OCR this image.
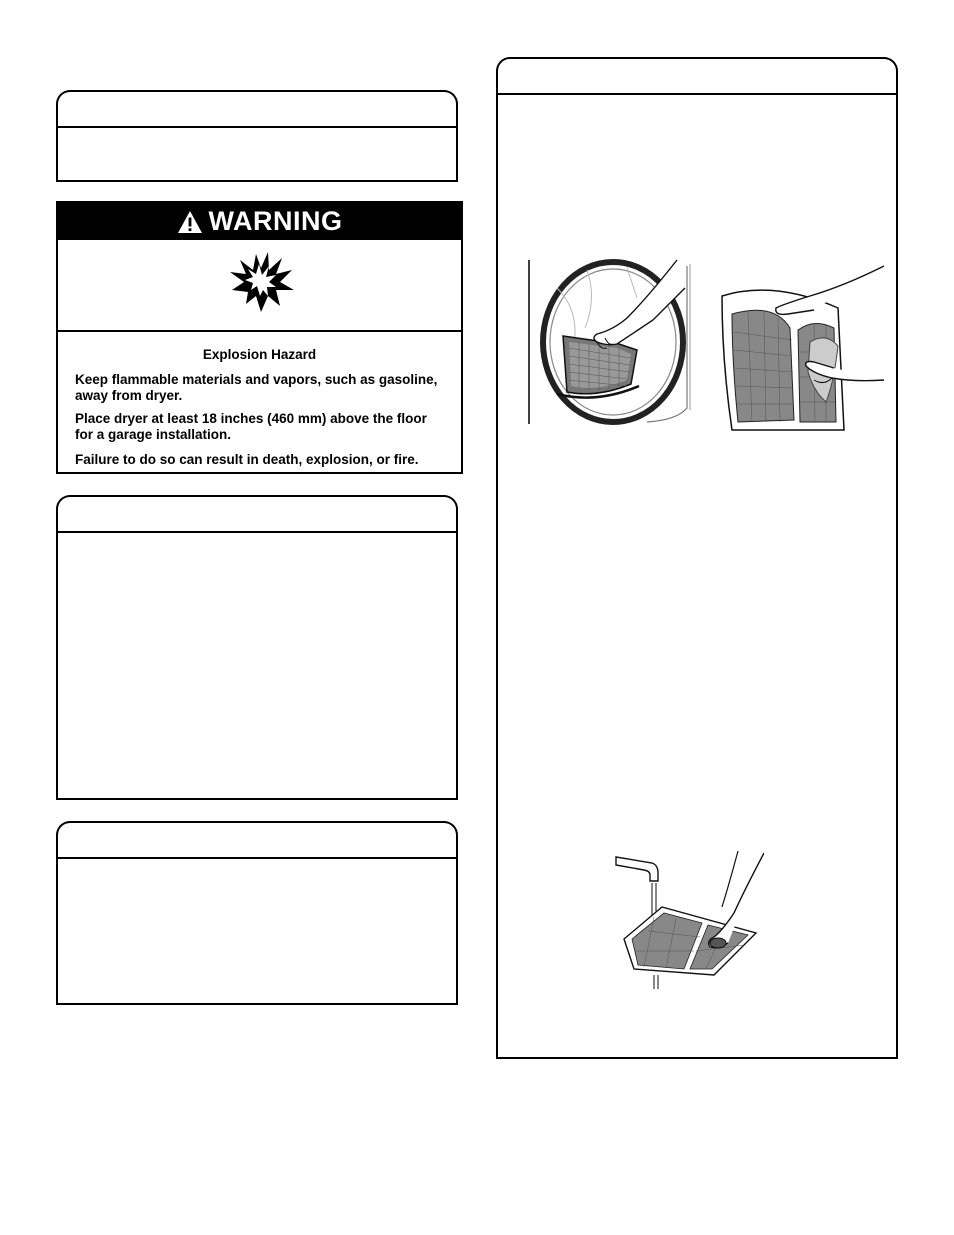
WARNING
Explosion Hazard
Keep flammable materials and vapors, such as gasoline, away from dryer.
Place dryer at least 18 inches (460 mm) above the floor for a garage installation.
Failure to do so can result in death, explosion, or fire.
